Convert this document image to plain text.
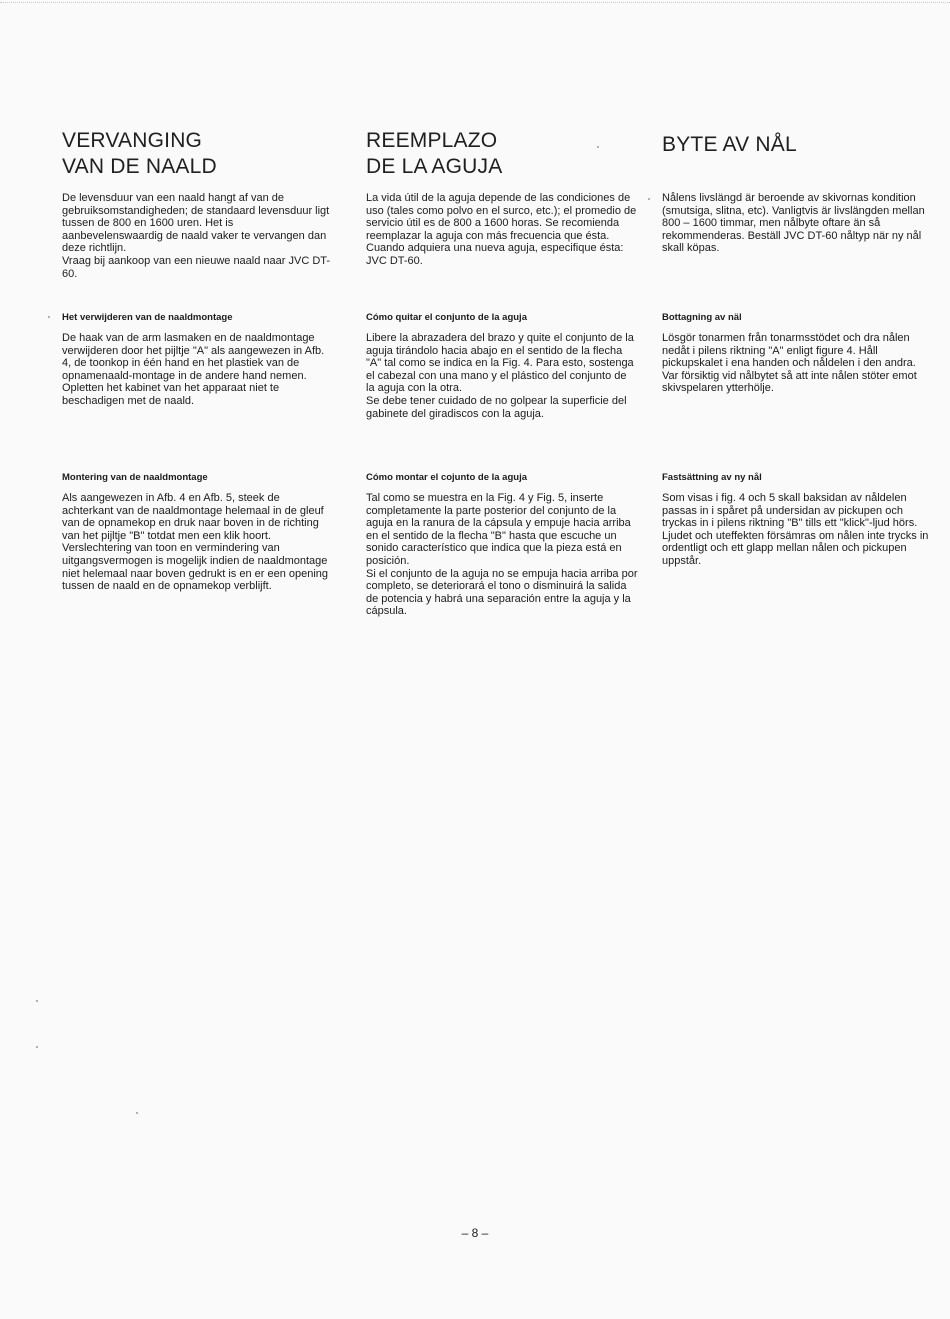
VERVANGING
VAN DE NAALD

De levensduur van een naald hangt af van de gebruiksomstandigheden; de standaard levensduur ligt tussen de 800 en 1600 uren. Het is aanbevelenswaardig de naald vaker te vervangen dan deze richtlijn.

Vraag bij aankoop van een nieuwe naald naar JVC DT-60.

Het verwijderen van de naaldmontage

De haak van de arm lasmaken en de naaldmontage verwijderen door het pijltje "A" als aangewezen in Afb. 4, de toonkop in één hand en het plastiek van de opnamenaald-montage in de andere hand nemen. Opletten het kabinet van het apparaat niet te beschadigen met de naald.

Montering van de naaldmontage

Als aangewezen in Afb. 4 en Afb. 5, steek de achterkant van de naaldmontage helemaal in de gleuf van de opnamekop en druk naar boven in de richting van het pijltje "B" totdat men een klik hoort.

Verslechtering van toon en vermindering van uitgangsvermogen is mogelijk indien de naaldmontage niet helemaal naar boven gedrukt is en er een opening tussen de naald en de opnamekop verblijft.

REEMPLAZO
DE LA AGUJA

La vida útil de la aguja depende de las condiciones de uso (tales como polvo en el surco, etc.); el promedio de servicio útil es de 800 a 1600 horas. Se recomienda reemplazar la aguja con más frecuencia que ésta.

Cuando adquiera una nueva aguja, especifique ésta: JVC DT-60.

Cómo quitar el conjunto de la aguja

Libere la abrazadera del brazo y quite el conjunto de la aguja tirándolo hacia abajo en el sentido de la flecha "A" tal como se indica en la Fig. 4. Para esto, sostenga el cabezal con una mano y el plástico del conjunto de la aguja con la otra.

Se debe tener cuidado de no golpear la superficie del gabinete del giradiscos con la aguja.

Cómo montar el cojunto de la aguja

Tal como se muestra en la Fig. 4 y Fig. 5, inserte completamente la parte posterior del conjunto de la aguja en la ranura de la cápsula y empuje hacia arriba en el sentido de la flecha "B" hasta que escuche un sonido característico que indica que la pieza está en posición.

Si el conjunto de la aguja no se empuja hacia arriba por completo, se deteriorará el tono o disminuirá la salida de potencia y habrá una separación entre la aguja y la cápsula.

BYTE AV NÅL

Nålens livslängd är beroende av skivornas kondition (smutsiga, slitna, etc). Vanligtvis är livslängden mellan 800 – 1600 timmar, men nålbyte oftare än så rekommenderas. Beställ JVC DT-60 nåltyp när ny nål skall köpas.

Bottagning av näl

Lösgör tonarmen från tonarmsstödet och dra nålen nedåt i pilens riktning "A" enligt figure 4. Håll pickupskalet i ena handen och nåldelen i den andra.

Var försiktig vid nålbytet så att inte nålen stöter emot skivspelaren ytterhölje.

Fastsättning av ny nål

Som visas i fig. 4 och 5 skall baksidan av nåldelen passas in i spåret på undersidan av pickupen och tryckas in i pilens riktning "B" tills ett "klick"-ljud hörs. Ljudet och uteffekten försämras om nålen inte trycks in ordentligt och ett glapp mellan nålen och pickupen uppstår.

– 8 –
